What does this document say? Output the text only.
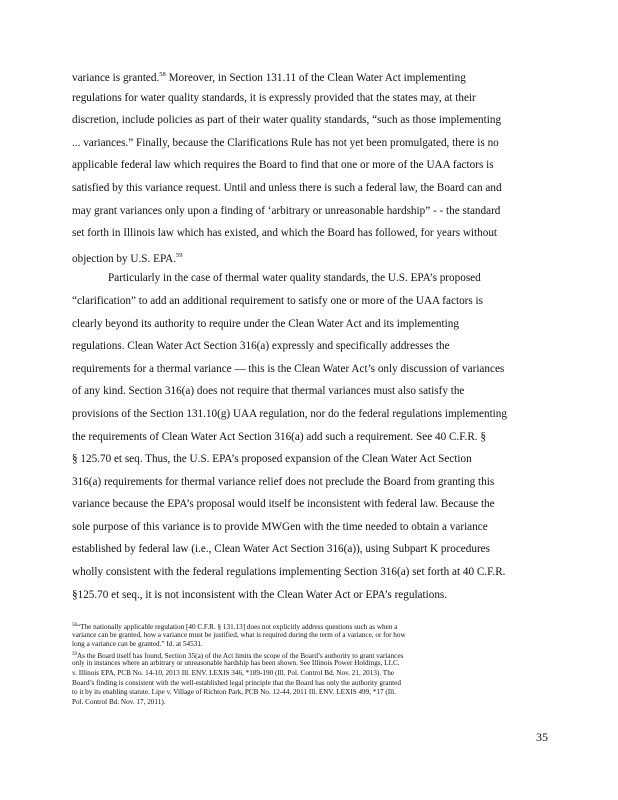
variance is granted.$^{58}$ Moreover, in Section 131.11 of the Clean Water Act implementing
regulations for water quality standards, it is expressly provided that the states may, at their
discretion, include policies as part of their water quality standards, “such as those implementing
... variances.” Finally, because the Clarifications Rule has not yet been promulgated, there is no
applicable federal law which requires the Board to find that one or more of the UAA factors is
satisfied by this variance request. Until and unless there is such a federal law, the Board can and
may grant variances only upon a finding of ‘arbitrary or unreasonable hardship” - - the standard
set forth in Illinois law which has existed, and which the Board has followed, for years without
objection by U.S. EPA.$^{59}$
Particularly in the case of thermal water quality standards, the U.S. EPA’s proposed
“clarification” to add an additional requirement to satisfy one or more of the UAA factors is
clearly beyond its authority to require under the Clean Water Act and its implementing
regulations. Clean Water Act Section 316(a) expressly and specifically addresses the
requirements for a thermal variance — this is the Clean Water Act’s only discussion of variances
of any kind. Section 316(a) does not require that thermal variances must also satisfy the
provisions of the Section 131.10(g) UAA regulation, nor do the federal regulations implementing
the requirements of Clean Water Act Section 316(a) add such a requirement. See 40 C.F.R. §
§ 125.70 et seq. Thus, the U.S. EPA’s proposed expansion of the Clean Water Act Section
316(a) requirements for thermal variance relief does not preclude the Board from granting this
variance because the EPA’s proposal would itself be inconsistent with federal law. Because the
sole purpose of this variance is to provide MWGen with the time needed to obtain a variance
established by federal law (i.e., Clean Water Act Section 316(a)), using Subpart K procedures
wholly consistent with the federal regulations implementing Section 316(a) set forth at 40 C.F.R.
§125.70 et seq., it is not inconsistent with the Clean Water Act or EPA’s regulations.
$^{58}$“The nationally applicable regulation [40 C.F.R. § 131.13] does not explicitly address questions such as when a
variance can be granted, how a variance must be justified, what is required during the term of a variance, or for how
long a variance can be granted.” Id. at 54531.
$^{59}$As the Board itself has found, Section 35(a) of the Act limits the scope of the Board’s authority to grant variances
only in instances where an arbitrary or unreasonable hardship has been shown. See Illinois Power Holdings, LLC.
v. Illinois EPA, PCB No. 14-10, 2013 Ill. ENV. LEXIS 346, *189-190 (Ill. Pol. Control Bd. Nov. 21, 2013). The
Board’s finding is consistent with the well-established legal principle that the Board has only the authority granted
to it by its enabling statute. Lipe v. Village of Richton Park, PCB No. 12-44, 2011 Ill. ENV. LEXIS 499, *17 (Ill.
Pol. Control Bd. Nov. 17, 2011).
35
